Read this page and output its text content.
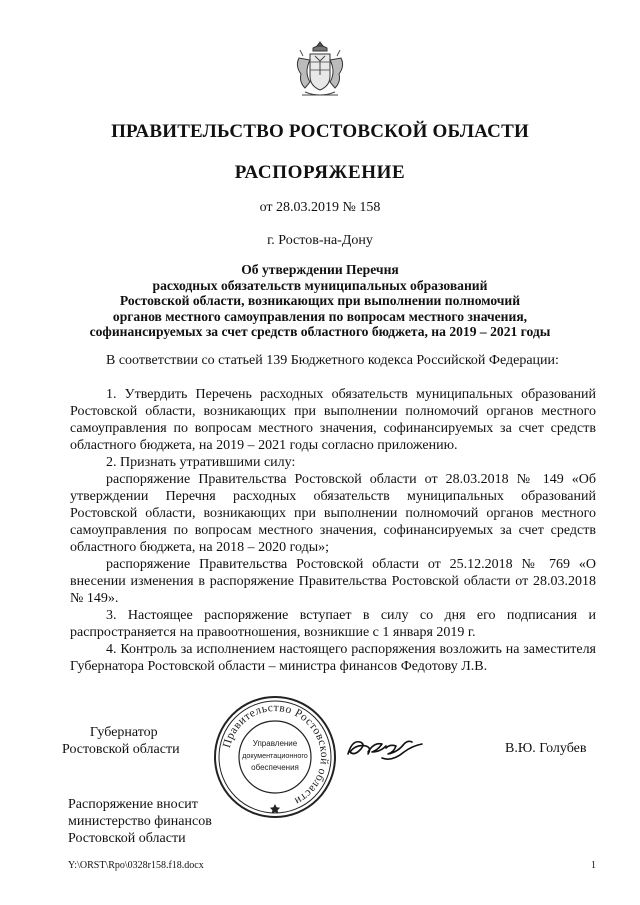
ПРАВИТЕЛЬСТВО РОСТОВСКОЙ ОБЛАСТИ
РАСПОРЯЖЕНИЕ
от 28.03.2019 № 158
г. Ростов-на-Дону
Об утверждении Перечня
расходных обязательств муниципальных образований
Ростовской области, возникающих при выполнении полномочий
органов местного самоуправления по вопросам местного значения,
софинансируемых за счет средств областного бюджета, на 2019 – 2021 годы

В соответствии со статьей 139 Бюджетного кодекса Российской Федерации:

1. Утвердить Перечень расходных обязательств муниципальных образований Ростовской области, возникающих при выполнении полномочий органов местного самоуправления по вопросам местного значения, софинансируемых за счет средств областного бюджета, на 2019 – 2021 годы согласно приложению.

2. Признать утратившими силу:

распоряжение Правительства Ростовской области от 28.03.2018 № 149 «Об утверждении Перечня расходных обязательств муниципальных образований Ростовской области, возникающих при выполнении полномочий органов местного самоуправления по вопросам местного значения, софинансируемых за счет средств областного бюджета, на 2018 – 2020 годы»;

распоряжение Правительства Ростовской области от 25.12.2018 № 769 «О внесении изменения в распоряжение Правительства Ростовской области от 28.03.2018 № 149».

3. Настоящее распоряжение вступает в силу со дня его подписания и распространяется на правоотношения, возникшие с 1 января 2019 г.

4. Контроль за исполнением настоящего распоряжения возложить на заместителя Губернатора Ростовской области – министра финансов Федотову Л.В.

Губернатор
Ростовской области	Правительство Ростовской области
Управление
документационного
обеспечения
В.Ю. Голубев
Распоряжение вносит
министерство финансов
Ростовской области
Y:\ORST\Rpo\0328r158.f18.docx	1
